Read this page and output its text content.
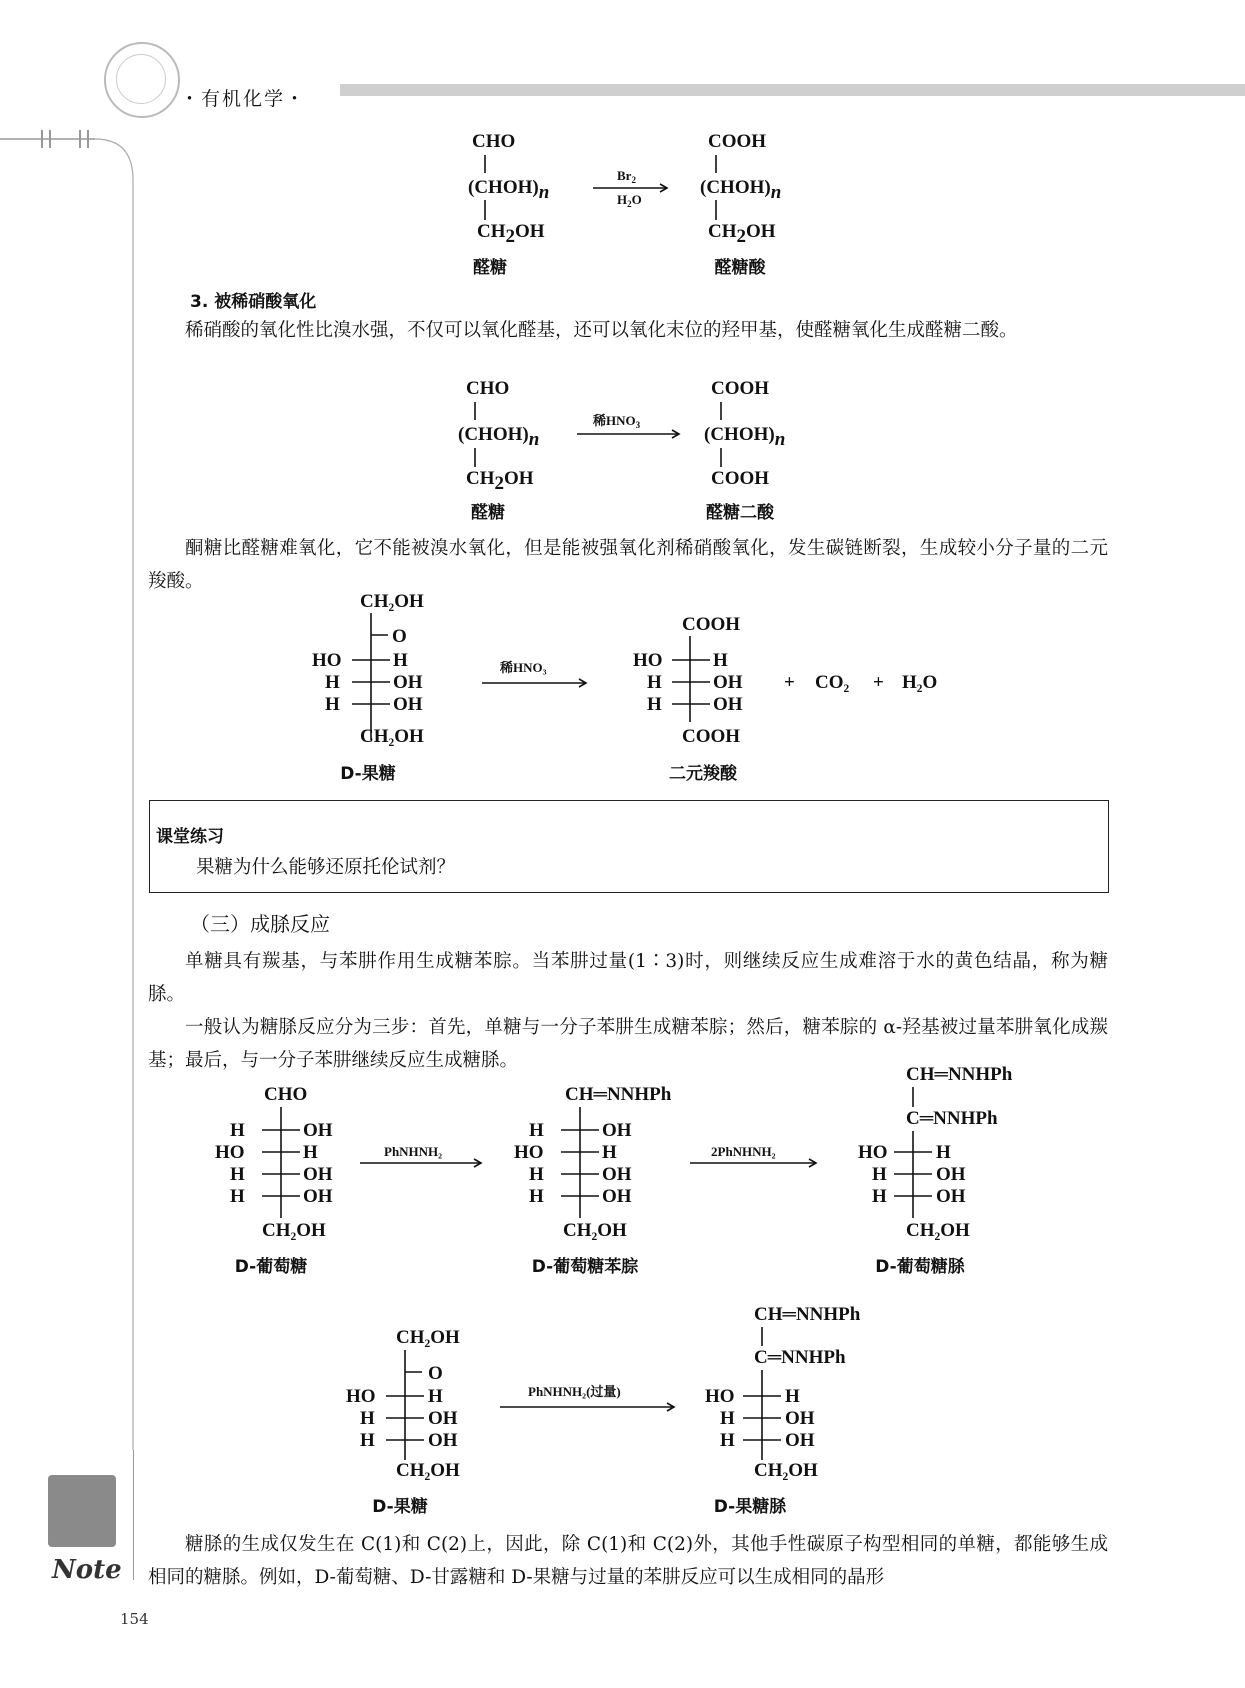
・有机化学・
CHO
(CHOH)n
CH2OH
醛糖
$Br_2$
$H_2O$
COOH
(CHOH)n
CH2OH
醛糖酸
CHO
(CHOH)n
CH2OH
醛糖
稀$HNO_3$
COOH
(CHOH)n
COOH
醛糖二酸
CH₂OH
O
HO	H
H	OH
H	OH
CH₂OH
D-果糖
稀HNO₃
COOH
HO	H
H	OH
H	OH
COOH
+ CO₂ + H₂O
二元羧酸
CHO
H	OH
HO	H
H	OH
H	OH
CH₂OH
D-葡萄糖
PhNHNH₂
CH═NNHPh
H	OH
HO	H
H	OH
H	OH
CH₂OH
D-葡萄糖苯腙
2PhNHNH₂
CH═NNHPh
C═NNHPh
HO	H
H	OH
H	OH
CH₂OH
D-葡萄糖脎
CH₂OH
O
HO	H
H	OH
H	OH
CH₂OH
D-果糖
PhNHNH₂(过量)
CH═NNHPh
C═NNHPh
HO	H
H	OH
H	OH
CH₂OH
D-果糖脎
3. 被稀硝酸氧化
稀硝酸的氧化性比溴水强，不仅可以氧化醛基，还可以氧化末位的羟甲基，使醛糖氧化生成醛糖二酸。
酮糖比醛糖难氧化，它不能被溴水氧化，但是能被强氧化剂稀硝酸氧化，发生碳链断裂，生成较小分子量的二元羧酸。
课堂练习
果糖为什么能够还原托伦试剂？
（三）成脎反应
单糖具有羰基，与苯肼作用生成糖苯腙。当苯肼过量(1∶3)时，则继续反应生成难溶于水的黄色结晶，称为糖脎。
一般认为糖脎反应分为三步：首先，单糖与一分子苯肼生成糖苯腙；然后，糖苯腙的 α-羟基被过量苯肼氧化成羰基；最后，与一分子苯肼继续反应生成糖脎。
糖脎的生成仅发生在 C(1)和 C(2)上，因此，除 C(1)和 C(2)外，其他手性碳原子构型相同的单糖，都能够生成相同的糖脎。例如，D-葡萄糖、D-甘露糖和 D-果糖与过量的苯肼反应可以生成相同的晶形
Note
154
